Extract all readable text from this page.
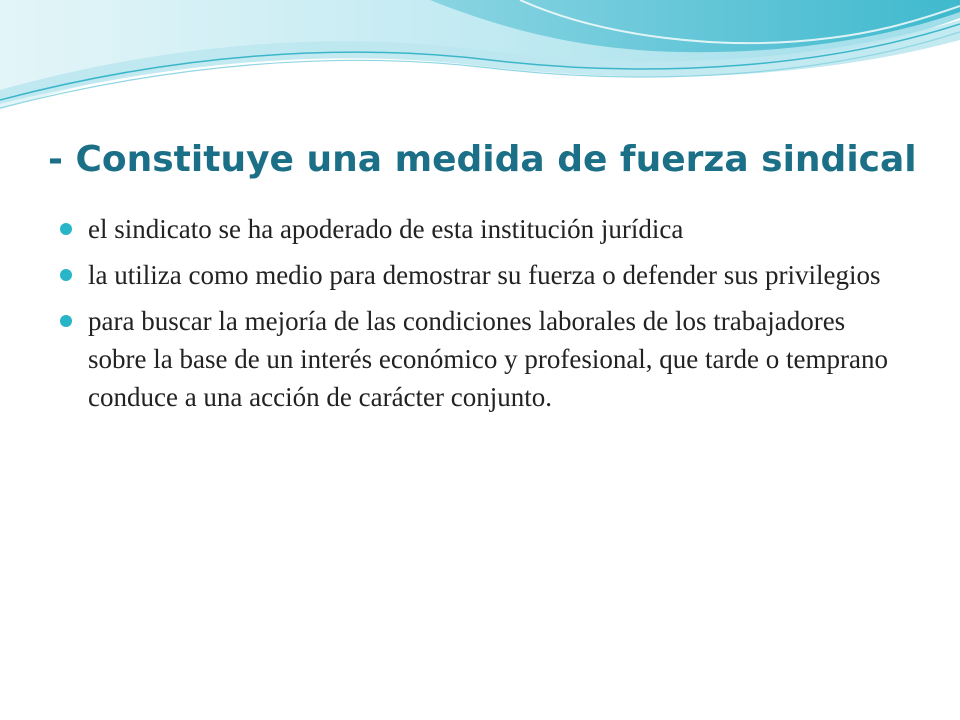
- Constituye una medida de fuerza sindical
el sindicato se ha apoderado de esta institución jurídica
la utiliza como medio para demostrar su fuerza o defender sus privilegios
para buscar la mejoría de las condiciones laborales de los trabajadores sobre la base de un interés económico y profesional, que tarde o temprano conduce a una acción de carácter conjunto.
